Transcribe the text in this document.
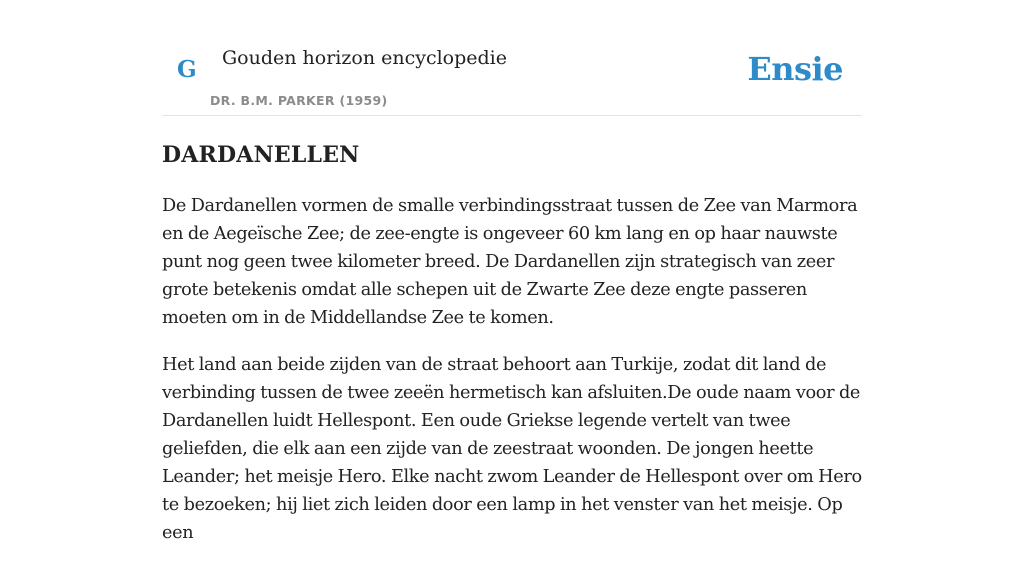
G Gouden horizon encyclopedie
DR. B.M. PARKER (1959)
Ensie
DARDANELLEN

De Dardanellen vormen de smalle verbindingsstraat tussen de Zee van Marmora en de Aegeïsche Zee; de zee-engte is ongeveer 60 km lang en op haar nauwste punt nog geen twee kilometer breed. De Dardanellen zijn strategisch van zeer grote betekenis omdat alle schepen uit de Zwarte Zee deze engte passeren moeten om in de Middellandse Zee te komen.

Het land aan beide zijden van de straat behoort aan Turkije, zodat dit land de verbinding tussen de twee zeeën hermetisch kan afsluiten.De oude naam voor de Dardanellen luidt Hellespont. Een oude Griekse legende vertelt van twee geliefden, die elk aan een zijde van de zeestraat woonden. De jongen heette Leander; het meisje Hero. Elke nacht zwom Leander de Hellespont over om Hero te bezoeken; hij liet zich leiden door een lamp in het venster van het meisje. Op een
